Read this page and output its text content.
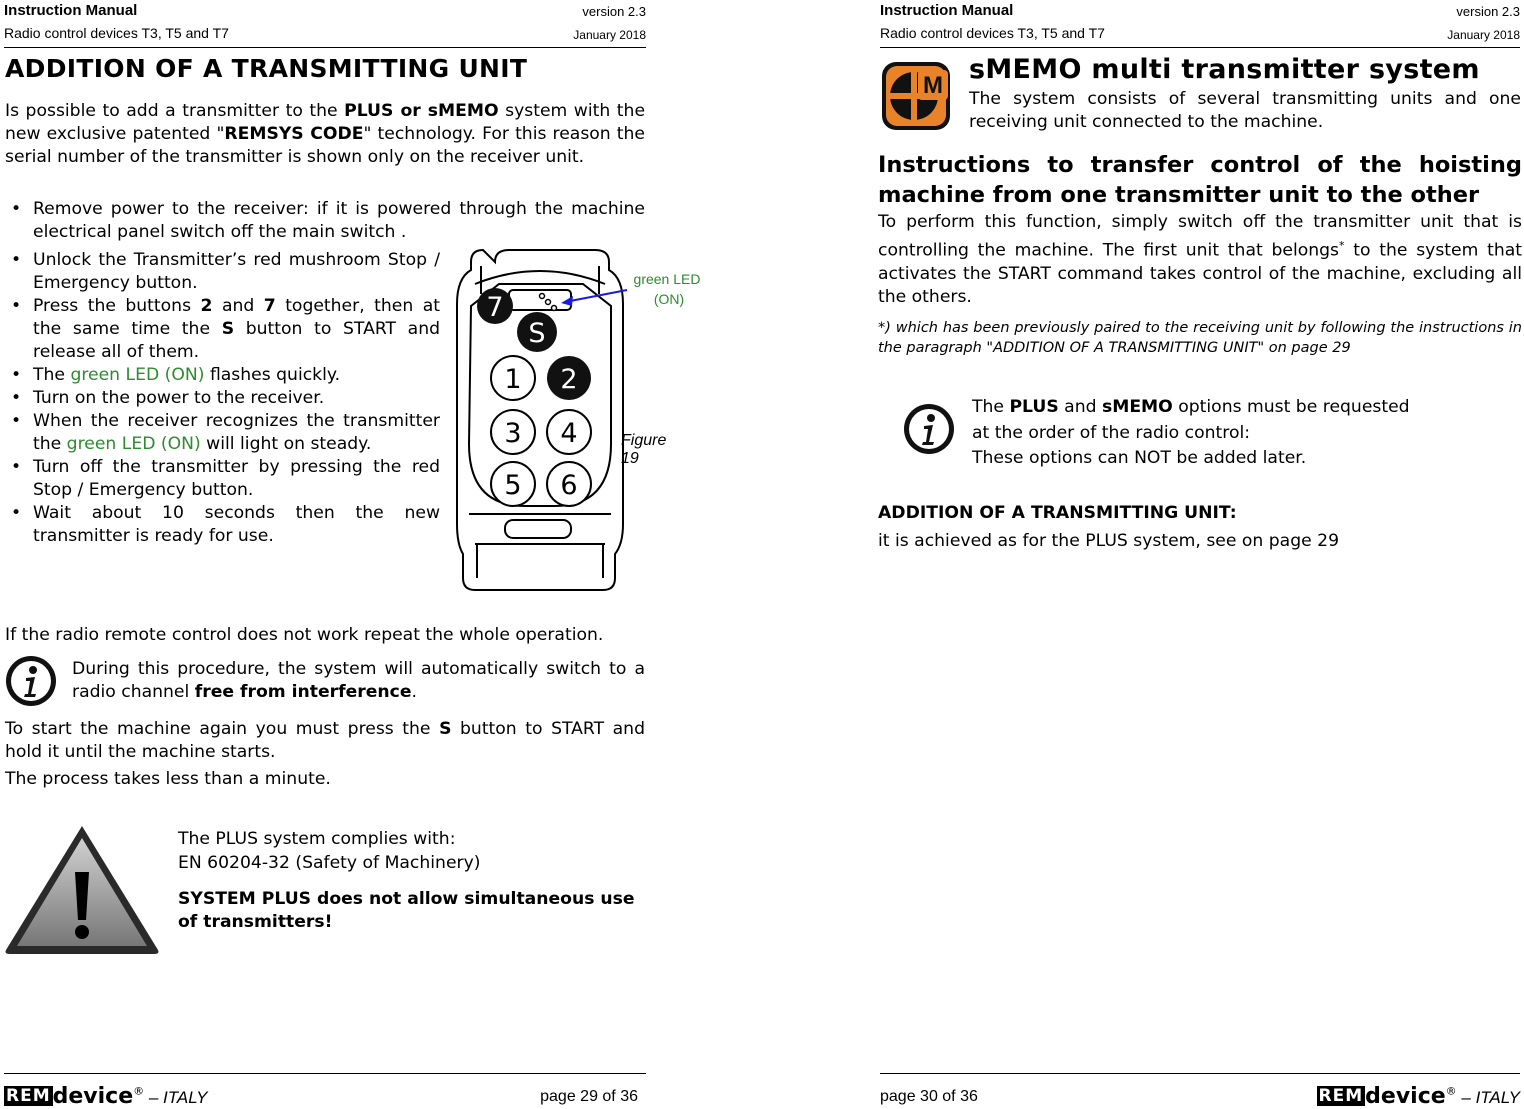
Instruction Manual	version 2.3
Radio control devices T3, T5 and T7	January 2018
ADDITION OF A TRANSMITTING UNIT
Is possible to add a transmitter to the PLUS or sMEMO system with the new exclusive patented "REMSYS CODE" technology. For this reason the serial number of the transmitter is shown only on the receiver unit.
• Remove power to the receiver: if it is powered through the machine electrical panel switch off the main switch .
• Unlock the Transmitter’s red mushroom Stop / Emergency button.
• Press the buttons 2 and 7 together, then at the same time the S button to START and release all of them.
• The green LED (ON) flashes quickly.
• Turn on the power to the receiver.
• When the receiver recognizes the transmitter the green LED (ON) will light on steady.
• Turn off the transmitter by pressing the red Stop / Emergency button.
• Wait about 10 seconds then the new transmitter is ready for use.
green LED
(ON)
7
S
1 2
3 4
5 6
Figure 19
If the radio remote control does not work repeat the whole operation.
During this procedure, the system will automatically switch to a radio channel free from interference.
To start the machine again you must press the S button to START and hold it until the machine starts.
The process takes less than a minute.
The PLUS system complies with:
EN 60204-32 (Safety of Machinery)
SYSTEM PLUS does not allow simultaneous use of transmitters!
REMdevice® – ITALY	page 29 of 36
Instruction Manual	version 2.3
Radio control devices T3, T5 and T7	January 2018
M
sMEMO multi transmitter system
The system consists of several transmitting units and one receiving unit connected to the machine.
Instructions to transfer control of the hoisting machine from one transmitter unit to the other
To perform this function, simply switch off the transmitter unit that is controlling the machine. The first unit that belongs* to the system that activates the START command takes control of the machine, excluding all the others.
*) which has been previously paired to the receiving unit by following the instructions in the paragraph "ADDITION OF A TRANSMITTING UNIT" on page 29
The PLUS and sMEMO options must be requested
at the order of the radio control:
These options can NOT be added later.
ADDITION OF A TRANSMITTING UNIT:
it is achieved as for the PLUS system, see on page 29
page 30 of 36	REMdevice® – ITALY
